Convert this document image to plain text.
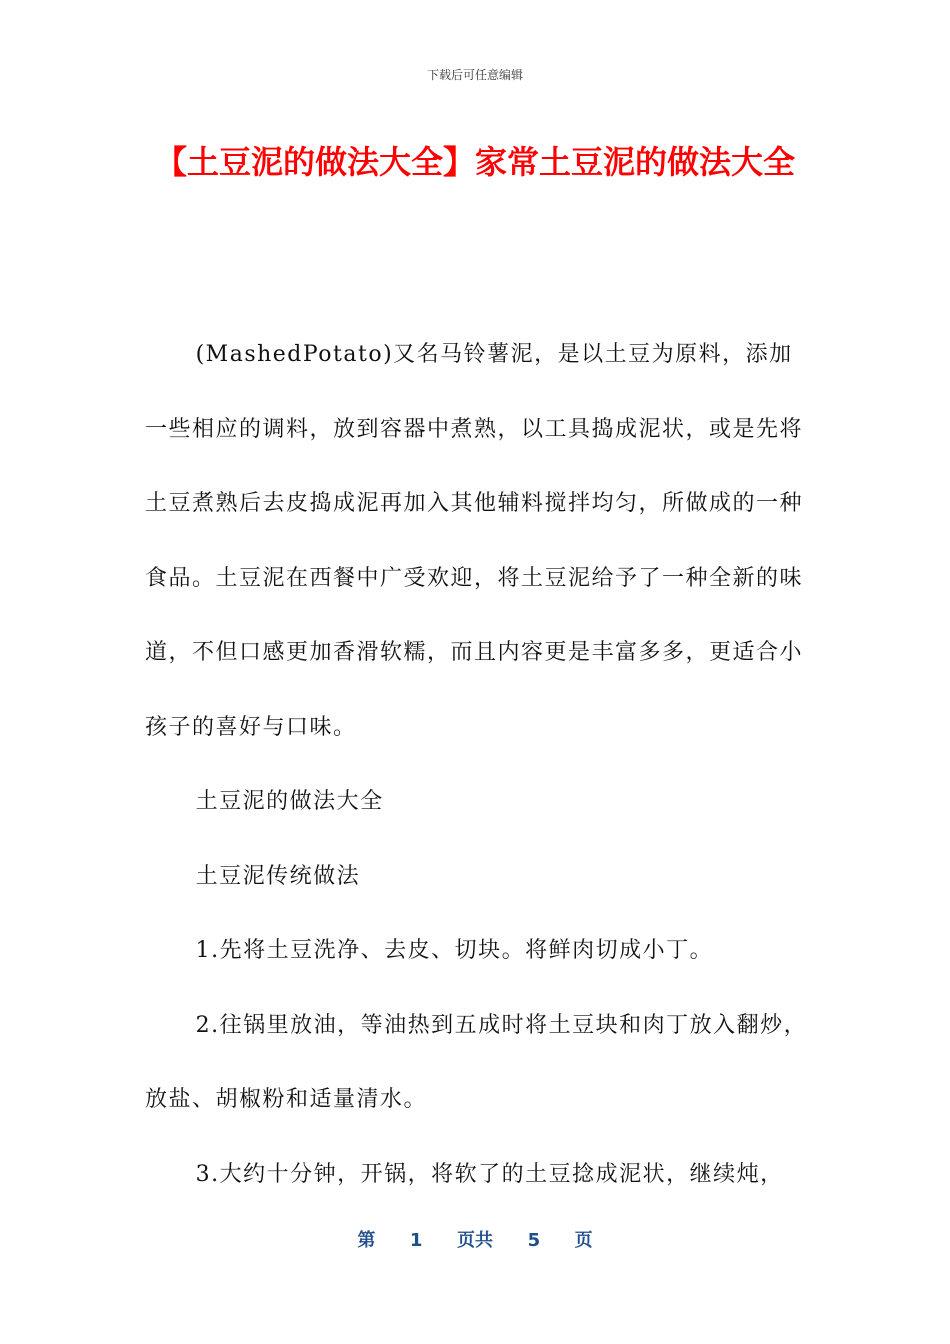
下载后可任意编辑
【土豆泥的做法大全】家常土豆泥的做法大全

(MashedPotato)又名马铃薯泥，是以土豆为原料，添加一些相应的调料，放到容器中煮熟，以工具捣成泥状，或是先将土豆煮熟后去皮捣成泥再加入其他辅料搅拌均匀，所做成的一种食品。土豆泥在西餐中广受欢迎，将土豆泥给予了一种全新的味道，不但口感更加香滑软糯，而且内容更是丰富多多，更适合小孩子的喜好与口味。

土豆泥的做法大全

土豆泥传统做法

1.先将土豆洗净、去皮、切块。将鲜肉切成小丁。

2.往锅里放油，等油热到五成时将土豆块和肉丁放入翻炒，放盐、胡椒粉和适量清水。

3.大约十分钟，开锅，将软了的土豆捻成泥状，继续炖，

第 1 页共 5 页
